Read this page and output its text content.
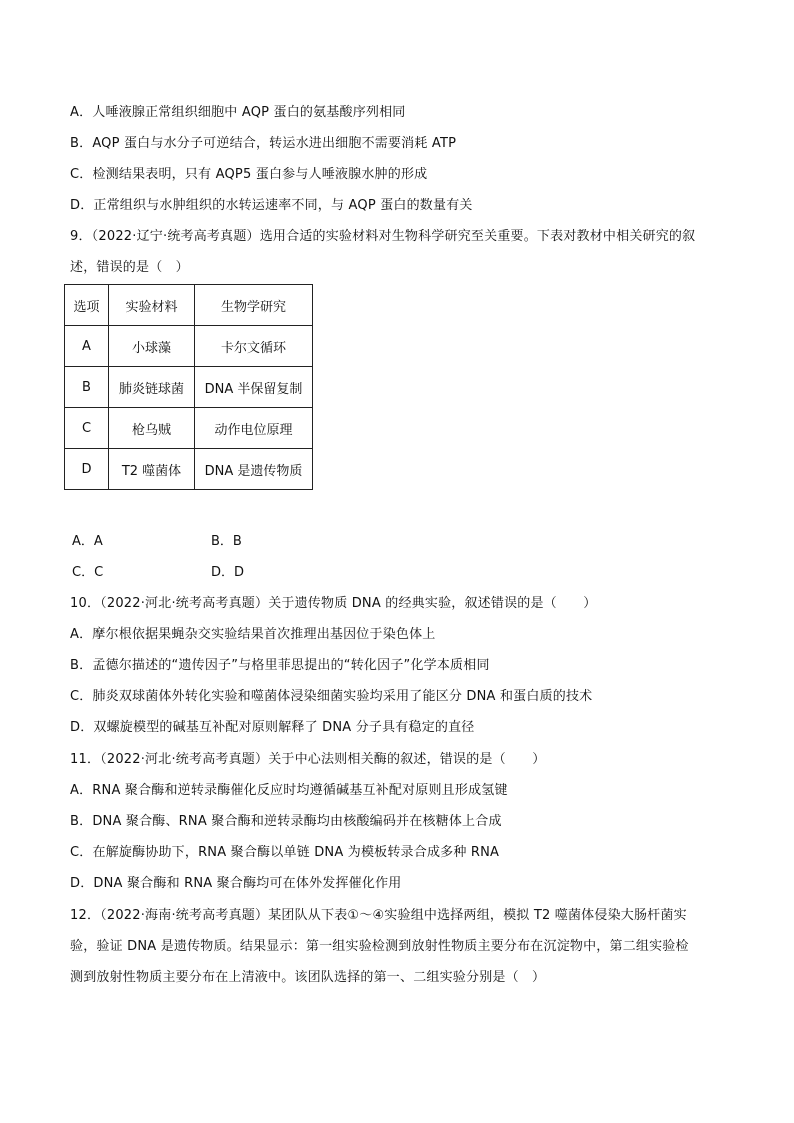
A．人唾液腺正常组织细胞中 AQP 蛋白的氨基酸序列相同
B．AQP 蛋白与水分子可逆结合，转运水进出细胞不需要消耗 ATP
C．检测结果表明，只有 AQP5 蛋白参与人唾液腺水肿的形成
D．正常组织与水肿组织的水转运速率不同，与 AQP 蛋白的数量有关
9．（2022·辽宁·统考高考真题）选用合适的实验材料对生物科学研究至关重要。下表对教材中相关研究的叙
述，错误的是（　）
选项	实验材料	生物学研究
A	小球藻	卡尔文循环
B	肺炎链球菌	DNA 半保留复制
C	枪乌贼	动作电位原理
D	T2 噬菌体	DNA 是遗传物质
A．A	B．B
C．C	D．D
10．（2022·河北·统考高考真题）关于遗传物质 DNA 的经典实验，叙述错误的是（　　）
A．摩尔根依据果蝇杂交实验结果首次推理出基因位于染色体上
B．孟德尔描述的“遗传因子”与格里菲思提出的“转化因子”化学本质相同
C．肺炎双球菌体外转化实验和噬菌体浸染细菌实验均采用了能区分 DNA 和蛋白质的技术
D．双螺旋模型的碱基互补配对原则解释了 DNA 分子具有稳定的直径
11．（2022·河北·统考高考真题）关于中心法则相关酶的叙述，错误的是（　　）
A．RNA 聚合酶和逆转录酶催化反应时均遵循碱基互补配对原则且形成氢键
B．DNA 聚合酶、RNA 聚合酶和逆转录酶均由核酸编码并在核糖体上合成
C．在解旋酶协助下，RNA 聚合酶以单链 DNA 为模板转录合成多种 RNA
D．DNA 聚合酶和 RNA 聚合酶均可在体外发挥催化作用
12．（2022·海南·统考高考真题）某团队从下表①～④实验组中选择两组，模拟 T2 噬菌体侵染大肠杆菌实
验，验证 DNA 是遗传物质。结果显示：第一组实验检测到放射性物质主要分布在沉淀物中，第二组实验检
测到放射性物质主要分布在上清液中。该团队选择的第一、二组实验分别是（　）
